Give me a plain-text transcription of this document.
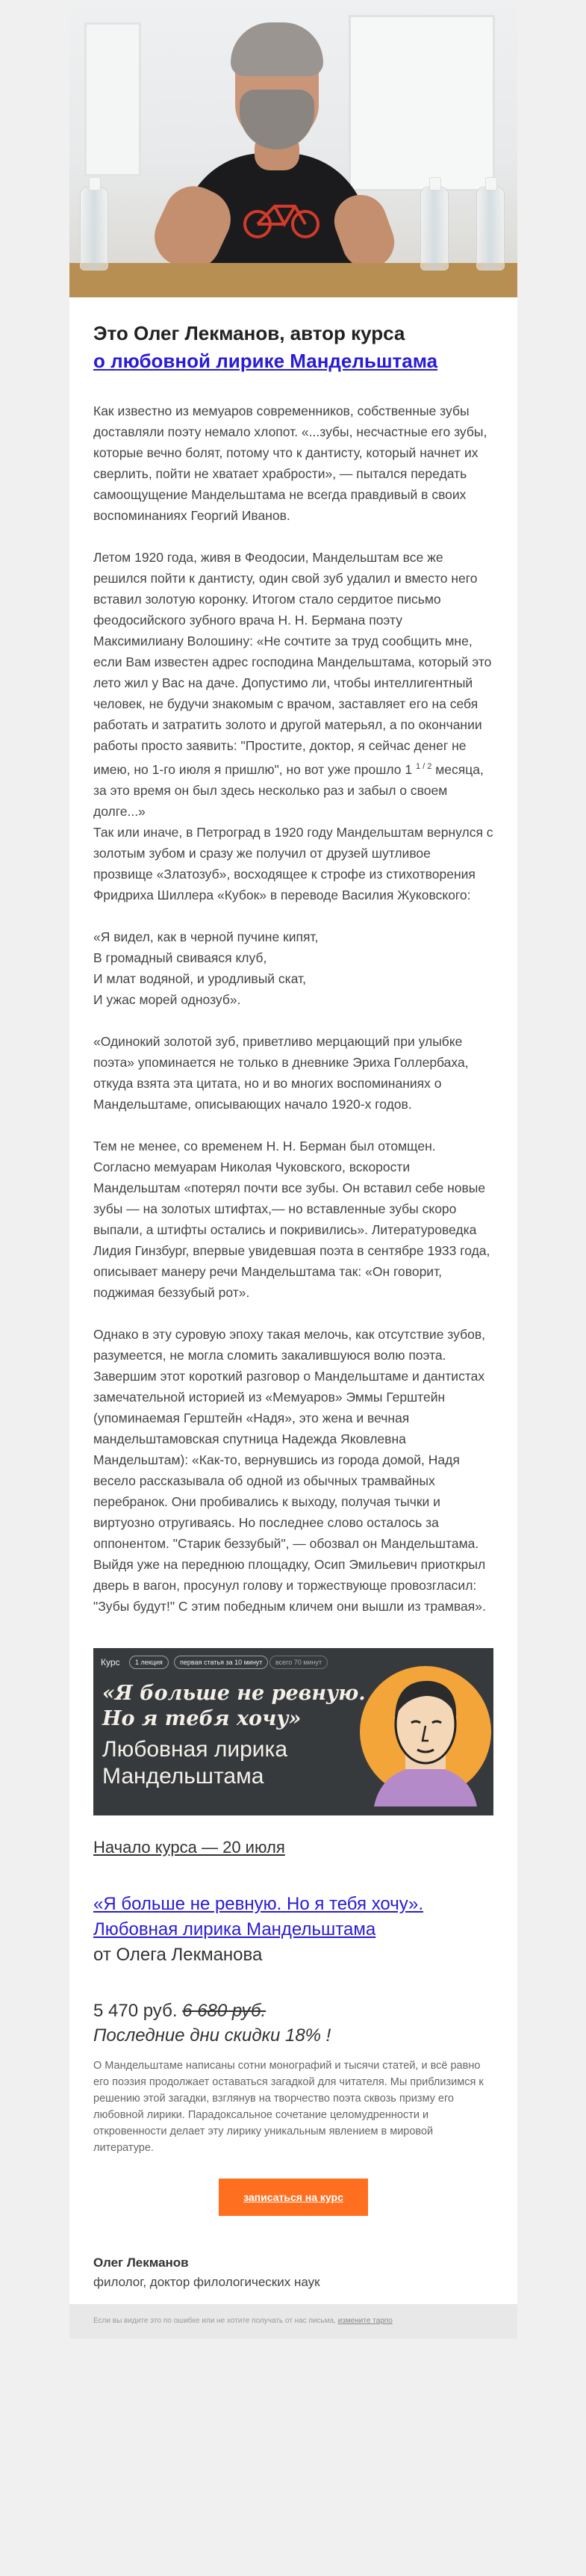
Это Олег Лекманов, автор курса
о любовной лирике Мандельштама

Как известно из мемуаров современников, собственные зубы доставляли поэту немало хлопот. «...зубы, несчастные его зубы, которые вечно болят, потому что к дантисту, который начнет их сверлить, пойти не хватает храбрости», — пытался передать самоощущение Мандельштама не всегда правдивый в своих воспоминаниях Георгий Иванов.

Летом 1920 года, живя в Феодосии, Мандельштам все же решился пойти к дантисту, один свой зуб удалил и вместо него вставил золотую коронку. Итогом стало сердитое письмо феодосийского зубного врача Н. Н. Бермана поэту Максимилиану Волошину: «Не сочтите за труд сообщить мне, если Вам известен адрес господина Мандельштама, который это лето жил у Вас на даче. Допустимо ли, чтобы интеллигентный человек, не будучи знакомым с врачом, заставляет его на себя работать и затратить золото и другой матерьял, а по окончании работы просто заявить: "Простите, доктор, я сейчас денег не имею, но 1-го июля я пришлю", но вот уже прошло 1 $^{1 / 2}$ месяца, за это время он был здесь несколько раз и забыл о своем долге...»

Так или иначе, в Петроград в 1920 году Мандельштам вернулся с золотым зубом и сразу же получил от друзей шутливое прозвище «Златозуб», восходящее к строфе из стихотворения Фридриха Шиллера «Кубок» в переводе Василия Жуковского:

«Я видел, как в черной пучине кипят,
В громадный свиваяся клуб,
И млат водяной, и уродливый скат,
И ужас морей однозуб».

«Одинокий золотой зуб, приветливо мерцающий при улыбке поэта» упоминается не только в дневнике Эриха Голлербаха, откуда взята эта цитата, но и во многих воспоминаниях о Мандельштаме, описывающих начало 1920-х годов.

Тем не менее, со временем Н. Н. Берман был отомщен. Согласно мемуарам Николая Чуковского, вскорости Мандельштам «потерял почти все зубы. Он вставил себе новые зубы — на золотых штифтах,— но вставленные зубы скоро выпали, а штифты остались и покривились». Литературоведка Лидия Гинзбург, впервые увидевшая поэта в сентябре 1933 года, описывает манеру речи Мандельштама так: «Он говорит, поджимая беззубый рот».

Однако в эту суровую эпоху такая мелочь, как отсутствие зубов, разумеется, не могла сломить закалившуюся волю поэта. Завершим этот короткий разговор о Мандельштаме и дантистах замечательной историей из «Мемуаров» Эммы Герштейн (упоминаемая Герштейн «Надя», это жена и вечная мандельштамовская спутница Надежда Яковлевна Мандельштам): «Как-то, вернувшись из города домой, Надя весело рассказывала об одной из обычных трамвайных перебранок. Они пробивались к выходу, получая тычки и виртуозно отругиваясь. Но последнее слово осталось за оппонентом. "Старик беззубый", — обозвал он Мандельштама. Выйдя уже на переднюю площадку, Осип Эмильевич приоткрыл дверь в вагон, просунул голову и торжествующе провозгласил: "Зубы будут!" С этим победным кличем они вышли из трамвая».

Курс	1 лекция	первая статья за 10 минут	всего 70 минут
«Я больше не ревную.
Но я тебя хочу»
Любовная лирика
Мандельштама
Начало курса — 20 июля
«Я больше не ревную. Но я тебя хочу».
Любовная лирика Мандельштама
от Олега Лекманова
5 470 руб. 6 680 руб.
Последние дни скидки 18% !

О Мандельштаме написаны сотни монографий и тысячи статей, и всё равно его поэзия продолжает оставаться загадкой для читателя. Мы приблизимся к решению этой загадки, взглянув на творчество поэта сквозь призму его любовной лирики. Парадоксальное сочетание целомудренности и откровенности делает эту лирику уникальным явлением в мировой литературе.

записаться на курс
Олег Лекманов
филолог, доктор филологических наук
Если вы видите это по ошибке или не хотите получать от нас письма, измените тарпо
